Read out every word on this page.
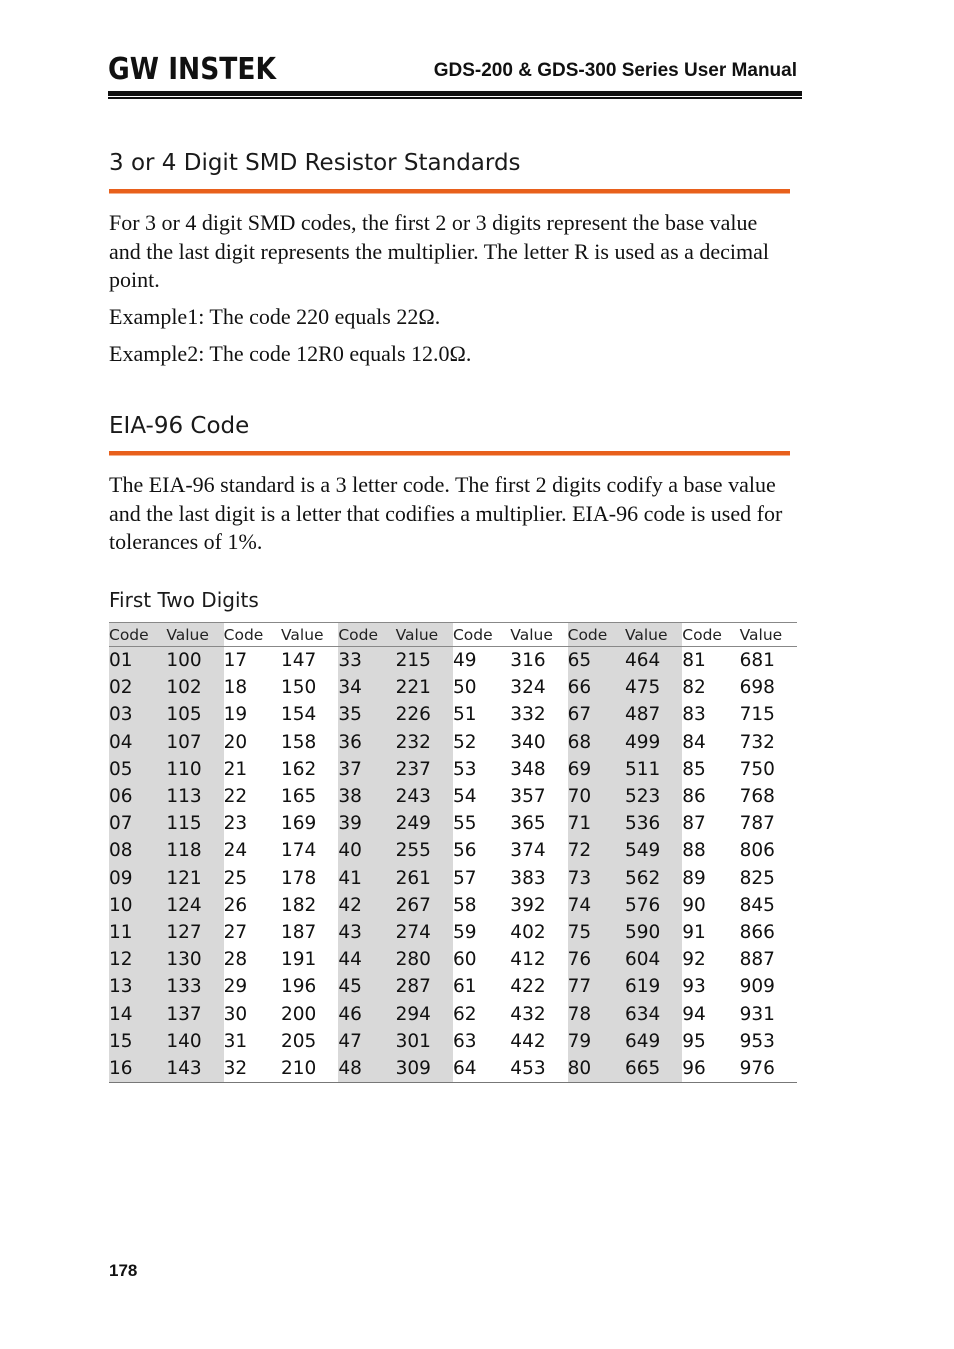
GW INSTEK	GDS-200 & GDS-300 Series User Manual
3 or 4 Digit SMD Resistor Standards
For 3 or 4 digit SMD codes, the first 2 or 3 digits represent the base value and the last digit represents the multiplier. The letter R is used as a decimal point.
Example1: The code 220 equals 22Ω.
Example2: The code 12R0 equals 12.0Ω.
EIA-96 Code
The EIA-96 standard is a 3 letter code. The first 2 digits codify a base value and the last digit is a letter that codifies a multiplier. EIA-96 code is used for tolerances of 1%.
First Two Digits
Code	Value	Code	Value	Code	Value	Code	Value	Code	Value	Code	Value
01	100	17	147	33	215	49	316	65	464	81	681
02	102	18	150	34	221	50	324	66	475	82	698
03	105	19	154	35	226	51	332	67	487	83	715
04	107	20	158	36	232	52	340	68	499	84	732
05	110	21	162	37	237	53	348	69	511	85	750
06	113	22	165	38	243	54	357	70	523	86	768
07	115	23	169	39	249	55	365	71	536	87	787
08	118	24	174	40	255	56	374	72	549	88	806
09	121	25	178	41	261	57	383	73	562	89	825
10	124	26	182	42	267	58	392	74	576	90	845
11	127	27	187	43	274	59	402	75	590	91	866
12	130	28	191	44	280	60	412	76	604	92	887
13	133	29	196	45	287	61	422	77	619	93	909
14	137	30	200	46	294	62	432	78	634	94	931
15	140	31	205	47	301	63	442	79	649	95	953
16	143	32	210	48	309	64	453	80	665	96	976
178
